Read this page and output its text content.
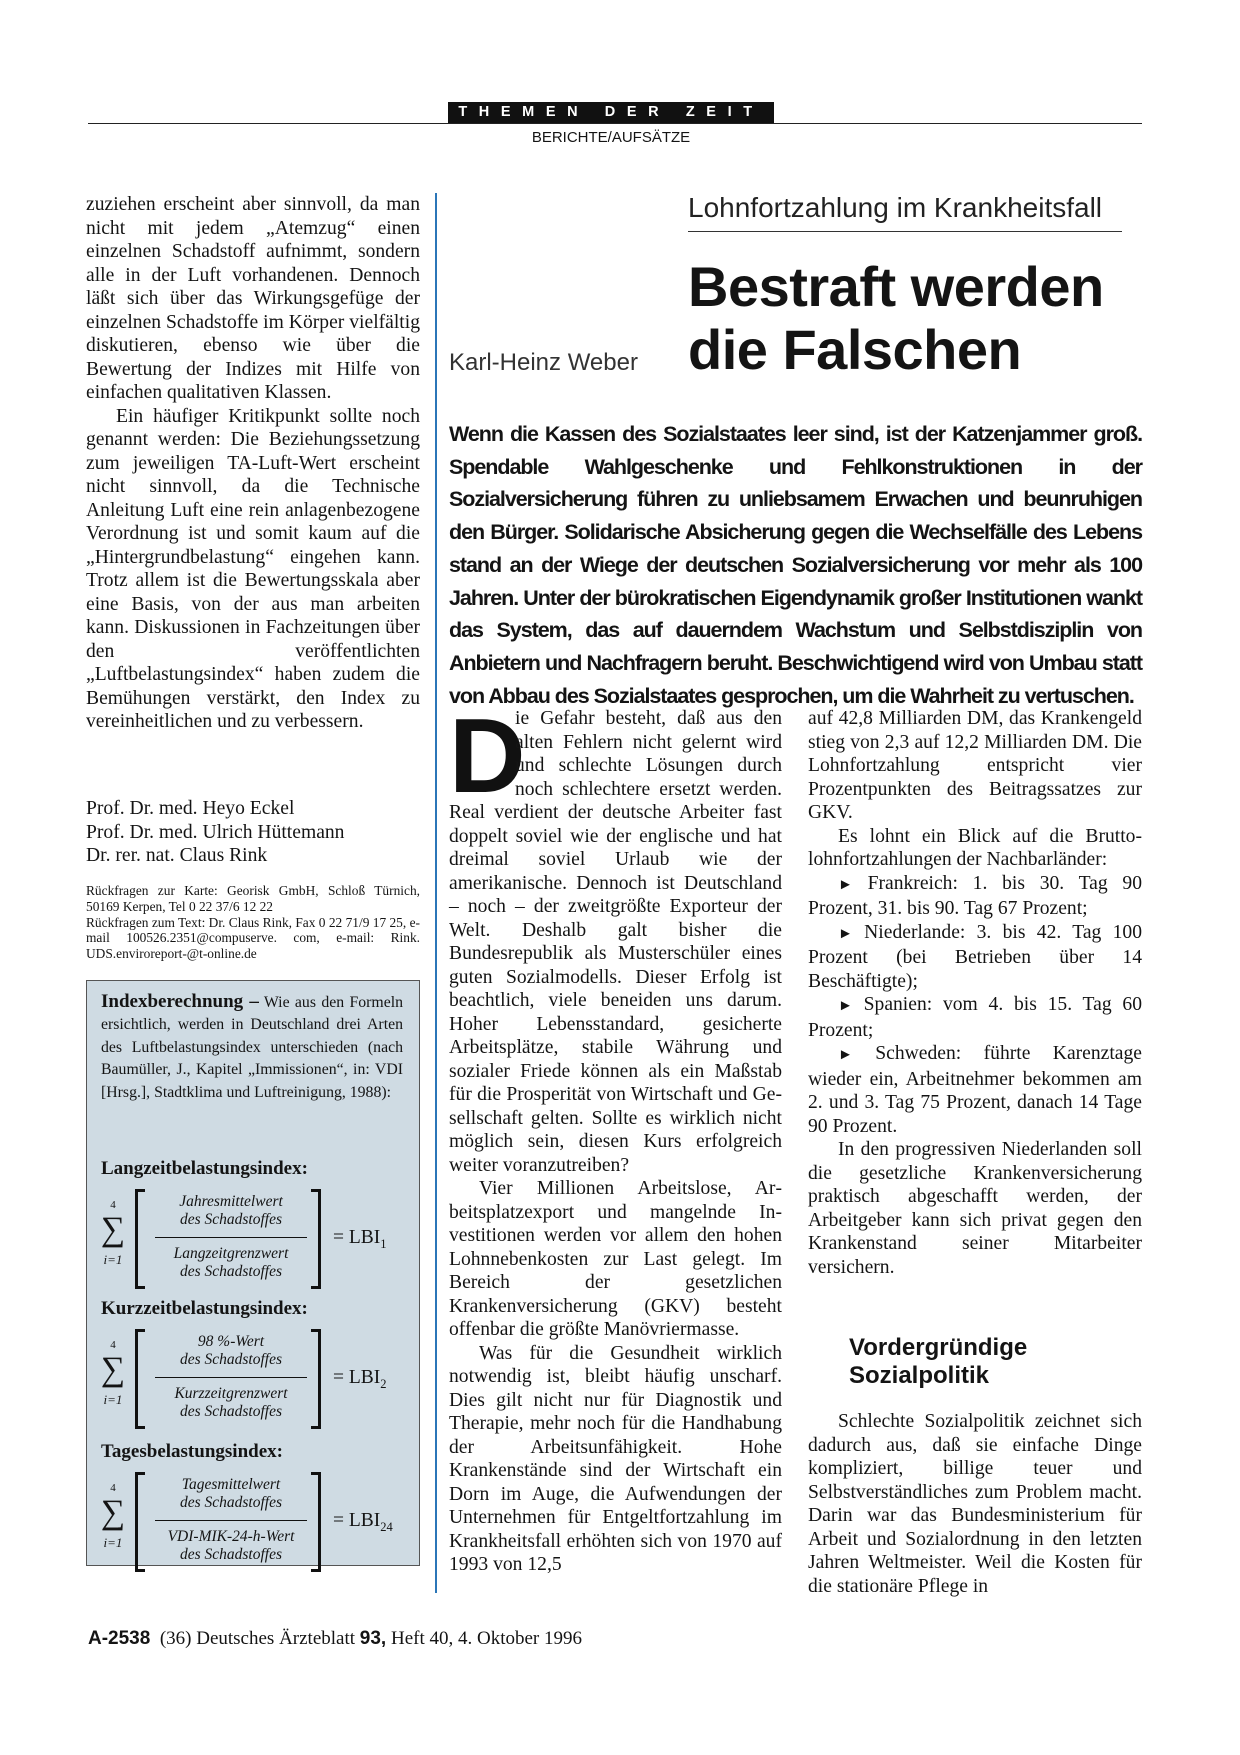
THEMEN DER ZEIT
BERICHTE/AUFSÄTZE

zuziehen erscheint aber sinnvoll, da man nicht mit jedem „Atemzug“ einen einzelnen Schadstoff aufnimmt, sondern alle in der Luft vorhandenen. Dennoch läßt sich über das Wirkungsgefüge der einzelnen Schadstoffe im Körper vielfältig diskutieren, ebenso wie über die Bewertung der Indizes mit Hilfe von einfachen qualitativen Klassen.

Ein häufiger Kritikpunkt sollte noch genannt werden: Die Beziehungssetzung zum jeweiligen TA-Luft-Wert erscheint nicht sinnvoll, da die Technische Anleitung Luft eine rein anlagenbezogene Verordnung ist und somit kaum auf die „Hintergrundbelastung“ eingehen kann. Trotz allem ist die Bewertungsskala aber eine Basis, von der aus man arbeiten kann. Diskussionen in Fachzeitungen über den veröffentlichten „Luftbelastungsindex“ haben zudem die Bemühungen verstärkt, den Index zu vereinheitlichen und zu verbessern.

Prof. Dr. med. Heyo Eckel
Prof. Dr. med. Ulrich Hüttemann
Dr. rer. nat. Claus Rink

Rückfragen zur Karte: Georisk GmbH, Schloß Türnich, 50169 Kerpen, Tel 0 22 37/6 12 22

Rückfragen zum Text: Dr. Claus Rink, Fax 0 22 71/9 17 25, e-mail 100526.2351@compuserve. com, e-mail: Rink. UDS.enviroreport-@t-online.de

Indexberechnung – Wie aus den Formeln ersichtlich, werden in Deutschland drei Arten des Luftbelastungsindex unterschieden (nach Baumüller, J., Kapitel „Immissionen“, in: VDI [Hrsg.], Stadtklima und Luftreinigung, 1988):
Langzeitbelastungsindex:
4
∑
i=1
Jahresmittelwert
des Schadstoffes
Langzeitgrenzwert
des Schadstoffes
= $LBI_1$
Kurzzeitbelastungsindex:
4
∑
i=1
98 %-Wert
des Schadstoffes
Kurzzeitgrenzwert
des Schadstoffes
= $LBI_2$
Tagesbelastungsindex:
4
∑
i=1
Tagesmittelwert
des Schadstoffes
VDI-MIK-24-h-Wert
des Schadstoffes
= $LBI_{24}$
Lohnfortzahlung im Krankheitsfall
Bestraft werden
die Falschen
Karl-Heinz Weber
Wenn die Kassen des Sozialstaates leer sind, ist der Katzenjammer groß. Spendable Wahlgeschenke und Fehlkonstruktionen in der Sozialversicherung führen zu unliebsamem Erwachen und beunruhigen den Bürger. Solidarische Absicherung gegen die Wechselfälle des Lebens stand an der Wiege der deutschen Sozialversicherung vor mehr als 100 Jahren. Unter der bürokratischen Eigendynamik großer Institutionen wankt das System, das auf dauerndem Wachstum und Selbstdisziplin von Anbietern und Nachfragern beruht. Beschwichtigend wird von Umbau statt von Abbau des Sozialstaates gesprochen, um die Wahrheit zu vertuschen.
D

ie Gefahr besteht, daß aus den alten Fehlern nicht gelernt wird und schlechte Lösungen durch noch schlechtere ersetzt werden. Real verdient der deutsche Arbeiter fast doppelt soviel wie der englische und hat dreimal soviel Urlaub wie der amerikanische. Dennoch ist Deutschland – noch – der zweitgrößte Exporteur der Welt. Deshalb galt bisher die Bundesrepublik als Musterschüler eines guten Sozialmodells. Dieser Erfolg ist beachtlich, viele beneiden uns darum. Hoher Lebensstandard, gesicherte Arbeitsplätze, stabile Währung und sozialer Friede können als ein Maßstab für die Prosperität von Wirtschaft und Gesellschaft gelten. Sollte es wirklich nicht möglich sein, diesen Kurs erfolgreich weiter voranzutreiben?

Vier Millionen Arbeitslose, Arbeitsplatzexport und mangelnde Investitionen werden vor allem den hohen Lohnnebenkosten zur Last gelegt. Im Bereich der gesetzlichen Krankenversicherung (GKV) besteht offenbar die größte Manövriermasse.

Was für die Gesundheit wirklich notwendig ist, bleibt häufig unscharf. Dies gilt nicht nur für Diagnostik und Therapie, mehr noch für die Handhabung der Arbeitsunfähigkeit. Hohe Krankenstände sind der Wirtschaft ein Dorn im Auge, die Aufwendungen der Unternehmen für Entgeltfortzahlung im Krankheitsfall erhöhten sich von 1970 auf 1993 von 12,5

auf 42,8 Milliarden DM, das Krankengeld stieg von 2,3 auf 12,2 Milliarden DM. Die Lohnfortzahlung entspricht vier Prozentpunkten des Beitragssatzes zur GKV.

Es lohnt ein Blick auf die Bruttolohnfortzahlungen der Nachbarländer:

► Frankreich: 1. bis 30. Tag 90 Prozent, 31. bis 90. Tag 67 Prozent;

► Niederlande: 3. bis 42. Tag 100 Prozent (bei Betrieben über 14 Beschäftigte);

► Spanien: vom 4. bis 15. Tag 60 Prozent;

► Schweden: führte Karenztage wieder ein, Arbeitnehmer bekommen am 2. und 3. Tag 75 Prozent, danach 14 Tage 90 Prozent.

In den progressiven Niederlanden soll die gesetzliche Krankenversicherung praktisch abgeschafft werden, der Arbeitgeber kann sich privat gegen den Krankenstand seiner Mitarbeiter versichern.

Vordergründige
Sozialpolitik

Schlechte Sozialpolitik zeichnet sich dadurch aus, daß sie einfache Dinge kompliziert, billige teuer und Selbstverständliches zum Problem macht. Darin war das Bundesministerium für Arbeit und Sozialordnung in den letzten Jahren Weltmeister. Weil die Kosten für die stationäre Pflege in

A-2538  (36) Deutsches Ärzteblatt 93, Heft 40, 4. Oktober 1996
